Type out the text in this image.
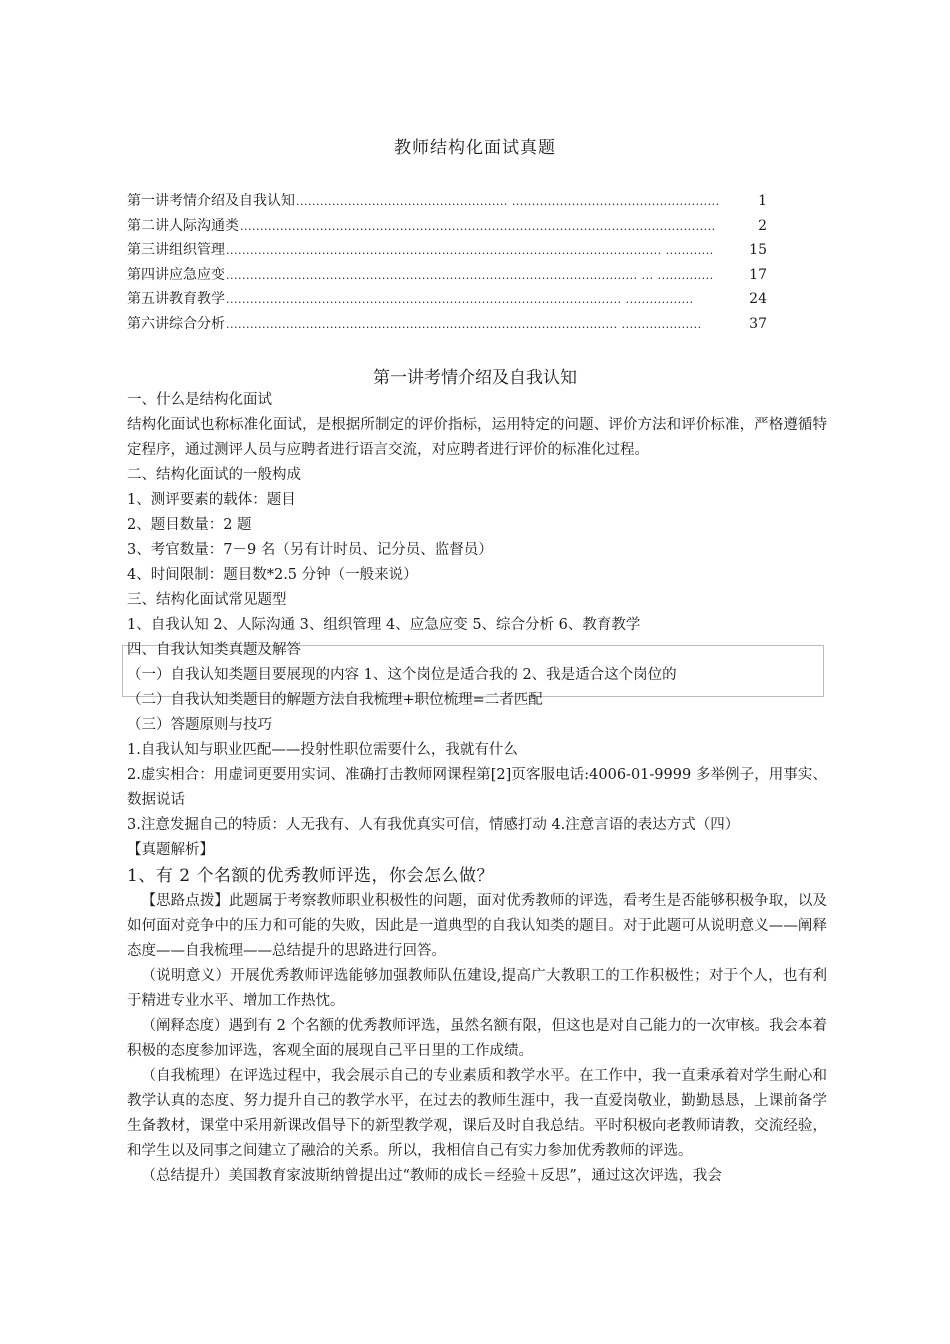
教师结构化面试真题
第一讲考情介绍及自我认知 ..................................................... ....................................................	1
第二讲人际沟通类 .......................................................................................................................	2
第三讲组织管理 ............................................................................................................. ............	15
第四讲应急应变 ....................................................................................................... ... ..............	17
第五讲教育教学 ................................................................................................... .................	24
第六讲综合分析 .................................................................................................. ....................	37
第一讲考情介绍及自我认知
一、什么是结构化面试
结构化面试也称标准化面试，是根据所制定的评价指标，运用特定的问题、评价方法和评价标准，严格遵循特定程序，通过测评人员与应聘者进行语言交流，对应聘者进行评价的标准化过程。
二、结构化面试的一般构成
1、测评要素的载体：题目
2、题目数量：2 题
3、考官数量：7－9 名（另有计时员、记分员、监督员）
4、时间限制：题目数*2.5 分钟（一般来说）
三、结构化面试常见题型
1、自我认知 2、人际沟通 3、组织管理 4、应急应变 5、综合分析 6、教育教学
四、自我认知类真题及解答
（一）自我认知类题目要展现的内容 1、这个岗位是适合我的 2、我是适合这个岗位的
（二）自我认知类题目的解题方法自我梳理+职位梳理=二者匹配
（三）答题原则与技巧
1.自我认知与职业匹配——投射性职位需要什么，我就有什么
2.虚实相合：用虚词更要用实词、准确打击教师网课程第[2]页客服电话:4006-01-9999 多举例子，用事实、数据说话
3.注意发掘自己的特质：人无我有、人有我优真实可信，情感打动 4.注意言语的表达方式（四）
【真题解析】
1、有 2 个名额的优秀教师评选，你会怎么做？
【思路点拨】此题属于考察教师职业积极性的问题，面对优秀教师的评选，看考生是否能够积极争取，以及如何面对竞争中的压力和可能的失败，因此是一道典型的自我认知类的题目。对于此题可从说明意义——阐释态度——自我梳理——总结提升的思路进行回答。
（说明意义）开展优秀教师评选能够加强教师队伍建设,提高广大教职工的工作积极性；对于个人，也有利于精进专业水平、增加工作热忱。
（阐释态度）遇到有 2 个名额的优秀教师评选，虽然名额有限，但这也是对自己能力的一次审核。我会本着积极的态度参加评选，客观全面的展现自己平日里的工作成绩。
（自我梳理）在评选过程中，我会展示自己的专业素质和教学水平。在工作中，我一直秉承着对学生耐心和教学认真的态度、努力提升自己的教学水平，在过去的教师生涯中，我一直爱岗敬业，勤勤恳恳，上课前备学生备教材，课堂中采用新课改倡导下的新型教学观，课后及时自我总结。平时积极向老教师请教，交流经验，和学生以及同事之间建立了融洽的关系。所以，我相信自己有实力参加优秀教师的评选。
（总结提升）美国教育家波斯纳曾提出过“教师的成长＝经验＋反思”，通过这次评选，我会
